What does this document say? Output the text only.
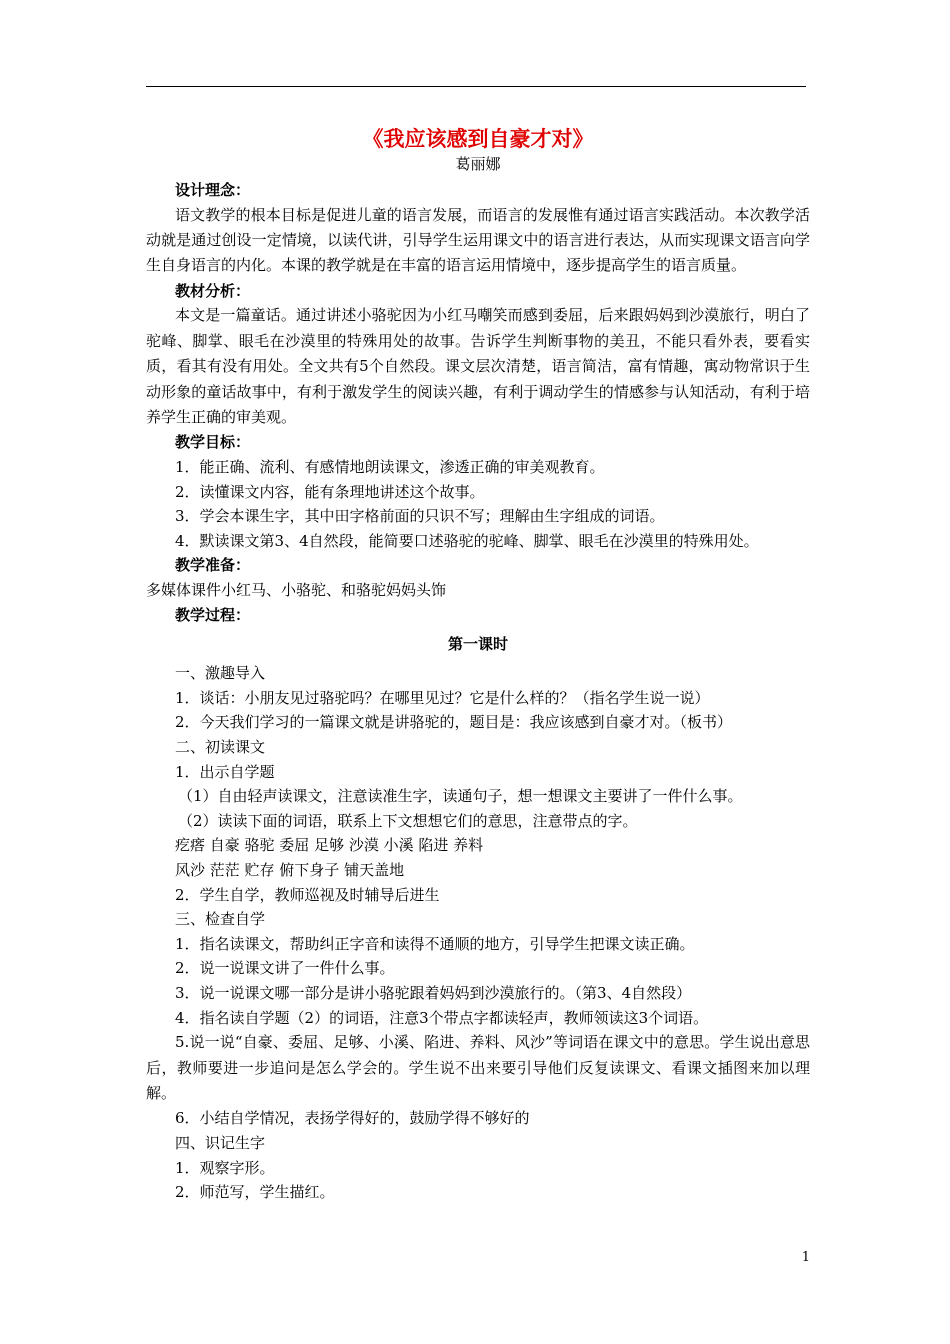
《我应该感到自豪才对》

葛丽娜

设计理念：

语文教学的根本目标是促进儿童的语言发展，而语言的发展惟有通过语言实践活动。本次教学活动就是通过创设一定情境，以读代讲，引导学生运用课文中的语言进行表达，从而实现课文语言向学生自身语言的内化。本课的教学就是在丰富的语言运用情境中，逐步提高学生的语言质量。

教材分析：

本文是一篇童话。通过讲述小骆驼因为小红马嘲笑而感到委屈，后来跟妈妈到沙漠旅行，明白了驼峰、脚掌、眼毛在沙漠里的特殊用处的故事。告诉学生判断事物的美丑，不能只看外表，要看实质，看其有没有用处。全文共有5个自然段。课文层次清楚，语言简洁，富有情趣，寓动物常识于生动形象的童话故事中，有利于激发学生的阅读兴趣，有利于调动学生的情感参与认知活动，有利于培养学生正确的审美观。

教学目标：

1．能正确、流利、有感情地朗读课文，渗透正确的审美观教育。

2．读懂课文内容，能有条理地讲述这个故事。

3．学会本课生字，其中田字格前面的只识不写；理解由生字组成的词语。

4．默读课文第3、4自然段，能简要口述骆驼的驼峰、脚掌、眼毛在沙漠里的特殊用处。

教学准备：

多媒体课件小红马、小骆驼、和骆驼妈妈头饰

教学过程：

第一课时

一、激趣导入

1．谈话：小朋友见过骆驼吗？在哪里见过？它是什么样的？（指名学生说一说）

2．今天我们学习的一篇课文就是讲骆驼的，题目是：我应该感到自豪才对。（板书）

二、初读课文

1．出示自学题

（1）自由轻声读课文，注意读准生字，读通句子，想一想课文主要讲了一件什么事。

（2）读读下面的词语，联系上下文想想它们的意思，注意带点的字。

疙瘩 自豪 骆驼 委屈 足够 沙漠 小溪 陷进 养料

风沙 茫茫 贮存 俯下身子 铺天盖地

2．学生自学，教师巡视及时辅导后进生

三、检查自学

1．指名读课文，帮助纠正字音和读得不通顺的地方，引导学生把课文读正确。

2．说一说课文讲了一件什么事。

3．说一说课文哪一部分是讲小骆驼跟着妈妈到沙漠旅行的。（第3、4自然段）

4．指名读自学题（2）的词语，注意3个带点字都读轻声，教师领读这3个词语。

5.说一说“自豪、委屈、足够、小溪、陷进、养料、风沙”等词语在课文中的意思。学生说出意思后，教师要进一步追问是怎么学会的。学生说不出来要引导他们反复读课文、看课文插图来加以理解。

6．小结自学情况，表扬学得好的，鼓励学得不够好的

四、识记生字

1．观察字形。

2．师范写，学生描红。

1
